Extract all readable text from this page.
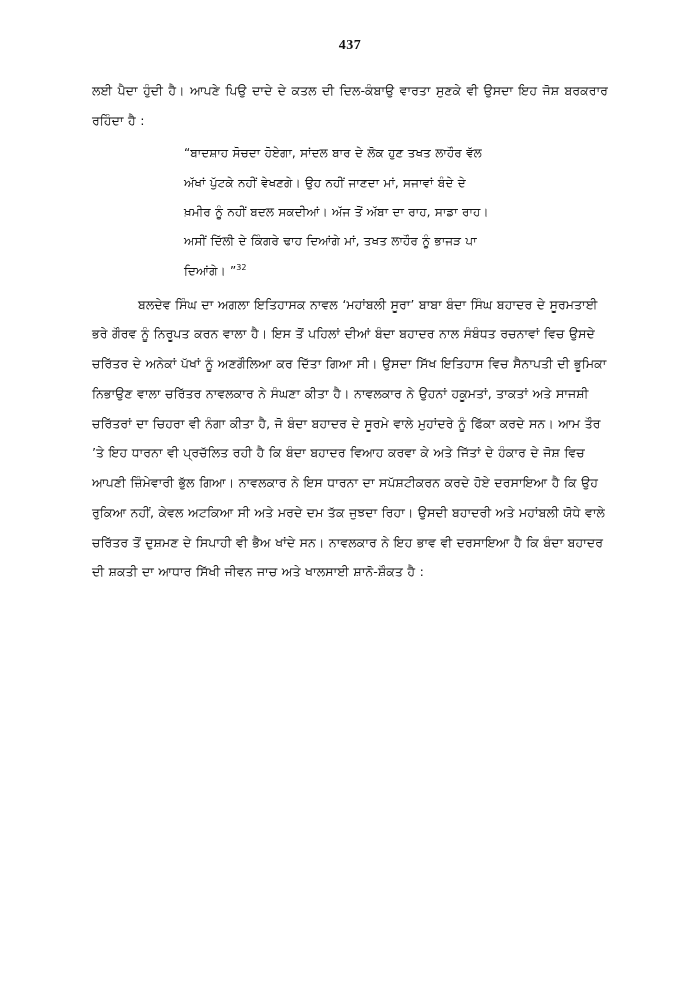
437

ਲਈ ਪੈਦਾ ਹੁੰਦੀ ਹੈ। ਆਪਣੇ ਪਿਉ ਦਾਦੇ ਦੇ ਕਤਲ ਦੀ ਦਿਲ-ਕੰਬਾਉ ਵਾਰਤਾ ਸੁਣਕੇ ਵੀ ਉਸਦਾ ਇਹ ਜੋਸ਼ ਬਰਕਰਾਰ ਰਹਿੰਦਾ ਹੈ :

“ਬਾਦਸ਼ਾਹ ਸੋਚਦਾ ਹੋਏਗਾ, ਸਾਂਦਲ ਬਾਰ ਦੇ ਲੋਕ ਹੁਣ ਤਖਤ ਲਾਹੌਰ ਵੱਲ

ਅੱਖਾਂ ਪੁੱਟਕੇ ਨਹੀਂ ਵੇਖਣਗੇ। ਉਹ ਨਹੀਂ ਜਾਣਦਾ ਮਾਂ, ਸਜਾਵਾਂ ਬੰਦੇ ਦੇ

ਖ਼ਮੀਰ ਨੂੰ ਨਹੀਂ ਬਦਲ ਸਕਦੀਆਂ। ਅੱਜ ਤੋਂ ਅੱਬਾ ਦਾ ਰਾਹ, ਸਾਡਾ ਰਾਹ।

ਅਸੀਂ ਦਿੱਲੀ ਦੇ ਕਿੰਗਰੇ ਢਾਹ ਦਿਆਂਗੇ ਮਾਂ, ਤਖਤ ਲਾਹੌਰ ਨੂੰ ਭਾਜੜ ਪਾ

ਦਿਆਂਗੇ। ”$^{32}$

ਬਲਦੇਵ ਸਿੰਘ ਦਾ ਅਗਲਾ ਇਤਿਹਾਸਕ ਨਾਵਲ ‘ਮਹਾਂਬਲੀ ਸੂਰਾ’ ਬਾਬਾ ਬੰਦਾ ਸਿੰਘ ਬਹਾਦਰ ਦੇ ਸੂਰਮਤਾਈ ਭਰੇ ਗੌਰਵ ਨੂੰ ਨਿਰੂਪਤ ਕਰਨ ਵਾਲਾ ਹੈ। ਇਸ ਤੋਂ ਪਹਿਲਾਂ ਦੀਆਂ ਬੰਦਾ ਬਹਾਦਰ ਨਾਲ ਸੰਬੰਧਤ ਰਚਨਾਵਾਂ ਵਿਚ ਉਸਦੇ ਚਰਿੱਤਰ ਦੇ ਅਨੇਕਾਂ ਪੱਖਾਂ ਨੂੰ ਅਣਗੌਲਿਆ ਕਰ ਦਿੱਤਾ ਗਿਆ ਸੀ। ਉਸਦਾ ਸਿੱਖ ਇਤਿਹਾਸ ਵਿਚ ਸੈਨਾਪਤੀ ਦੀ ਭੂਮਿਕਾ ਨਿਭਾਉਣ ਵਾਲਾ ਚਰਿੱਤਰ ਨਾਵਲਕਾਰ ਨੇ ਸੰਘਣਾ ਕੀਤਾ ਹੈ। ਨਾਵਲਕਾਰ ਨੇ ਉਹਨਾਂ ਹਕੂਮਤਾਂ, ਤਾਕਤਾਂ ਅਤੇ ਸਾਜਸ਼ੀ ਚਰਿੱਤਰਾਂ ਦਾ ਚਿਹਰਾ ਵੀ ਨੰਗਾ ਕੀਤਾ ਹੈ, ਜੋ ਬੰਦਾ ਬਹਾਦਰ ਦੇ ਸੂਰਮੇ ਵਾਲੇ ਮੁਹਾਂਦਰੇ ਨੂੰ ਫਿੱਕਾ ਕਰਦੇ ਸਨ। ਆਮ ਤੌਰ ’ਤੇ ਇਹ ਧਾਰਨਾ ਵੀ ਪ੍ਰਚੱਲਿਤ ਰਹੀ ਹੈ ਕਿ ਬੰਦਾ ਬਹਾਦਰ ਵਿਆਹ ਕਰਵਾ ਕੇ ਅਤੇ ਜਿੱਤਾਂ ਦੇ ਹੰਕਾਰ ਦੇ ਜੋਸ਼ ਵਿਚ ਆਪਣੀ ਜ਼ਿੰਮੇਵਾਰੀ ਭੁੱਲ ਗਿਆ। ਨਾਵਲਕਾਰ ਨੇ ਇਸ ਧਾਰਨਾ ਦਾ ਸਪੱਸ਼ਟੀਕਰਨ ਕਰਦੇ ਹੋਏ ਦਰਸਾਇਆ ਹੈ ਕਿ ਉਹ ਰੁਕਿਆ ਨਹੀਂ, ਕੇਵਲ ਅਟਕਿਆ ਸੀ ਅਤੇ ਮਰਦੇ ਦਮ ਤੱਕ ਜੁਝਦਾ ਰਿਹਾ। ਉਸਦੀ ਬਹਾਦਰੀ ਅਤੇ ਮਹਾਂਬਲੀ ਯੋਧੇ ਵਾਲੇ ਚਰਿੱਤਰ ਤੋਂ ਦੁਸ਼ਮਣ ਦੇ ਸਿਪਾਹੀ ਵੀ ਭੈਅ ਖਾਂਦੇ ਸਨ। ਨਾਵਲਕਾਰ ਨੇ ਇਹ ਭਾਵ ਵੀ ਦਰਸਾਇਆ ਹੈ ਕਿ ਬੰਦਾ ਬਹਾਦਰ ਦੀ ਸ਼ਕਤੀ ਦਾ ਆਧਾਰ ਸਿੱਖੀ ਜੀਵਨ ਜਾਚ ਅਤੇ ਖਾਲਸਾਈ ਸ਼ਾਨੋ-ਸ਼ੌਕਤ ਹੈ :
